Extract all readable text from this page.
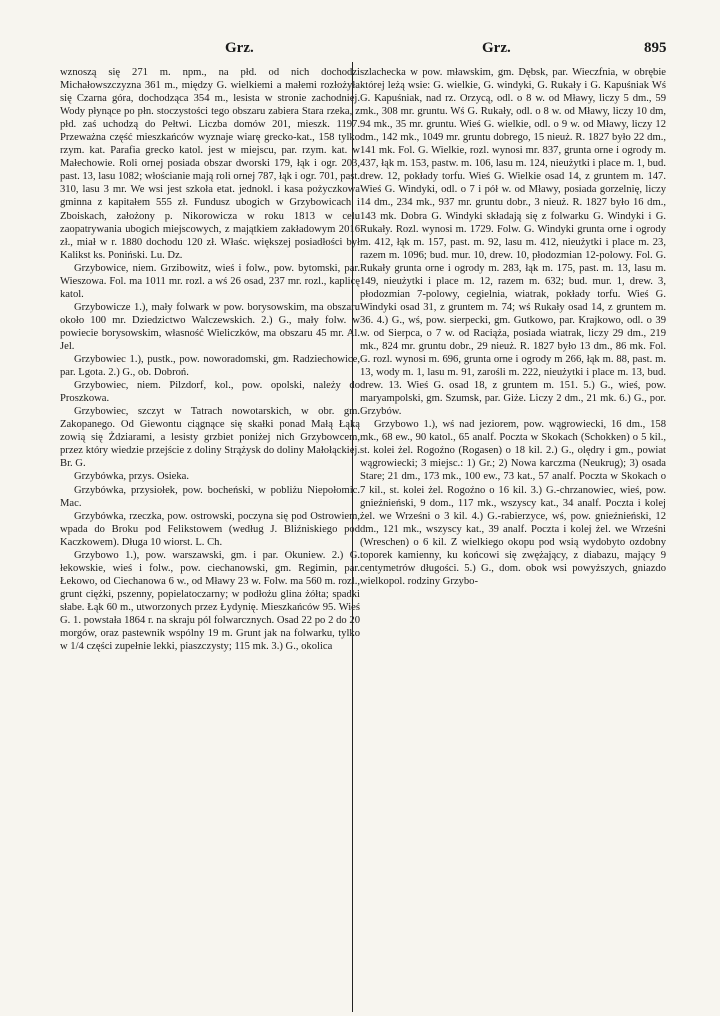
Grz.	Grz.	895

wznoszą się 271 m. npm., na płd. od nich dochodzi Michałowszczyzna 361 m., między G. wielkiemi a małemi rozłożyła się Czarna góra, dochodząca 354 m., lesista w stronie zachodniej. Wody płynące po płn. stoczystości tego obszaru zabiera Stara rzeka, z płd. zaś uchodzą do Pełtwi. Liczba domów 201, mieszk. 1197. Przeważna część mieszkańców wyznaje wiarę grecko-kat., 158 tylko rzym. kat. Parafia grecko katol. jest w miejscu, par. rzym. kat. w Małechowie. Roli ornej posiada obszar dworski 179, łąk i ogr. 203, past. 13, lasu 1082; włościanie mają roli ornej 787, łąk i ogr. 701, past. 310, lasu 3 mr. We wsi jest szkoła etat. jednokl. i kasa pożyczkowa gminna z kapitałem 555 zł. Fundusz ubogich w Grzybowicach i Zboiskach, założony p. Nikorowicza w roku 1813 w celu zaopatrywania ubogich miejscowych, z majątkiem zakładowym 2016 zł., miał w r. 1880 dochodu 120 zł. Właśc. większej posiadłości był Kalikst ks. Poniński. Lu. Dz.

Grzybowice, niem. Grzibowitz, wieś i folw., pow. bytomski, par. Wieszowa. Fol. ma 1011 mr. rozl. a wś 26 osad, 237 mr. rozl., kaplicę katol.

Grzybowicze 1.), mały folwark w pow. borysowskim, ma obszaru około 100 mr. Dziedzictwo Walczewskich. 2.) G., mały folw. w powiecie borysowskim, własność Wieliczków, ma obszaru 45 mr. Al. Jel.

Grzybowiec 1.), pustk., pow. noworadomski, gm. Radziechowice, par. Lgota. 2.) G., ob. Dobroń.

Grzybowiec, niem. Pilzdorf, kol., pow. opolski, należy do Proszkowa.

Grzybowiec, szczyt w Tatrach nowotarskich, w obr. gm. Zakopanego. Od Giewontu ciągnące się skałki ponad Małą Łąką zowią się Żdziarami, a lesisty grzbiet poniżej nich Grzybowcem, przez który wiedzie przejście z doliny Strążysk do doliny Małołąckiej. Br. G.

Grzybówka, przys. Osieka.

Grzybówka, przysiołek, pow. bocheński, w pobliżu Niepołomic. Mac.

Grzybówka, rzeczka, pow. ostrowski, poczyna się pod Ostrowiem, wpada do Broku pod Felikstowem (według J. Bliźniskiego pod Kaczkowem). Długa 10 wiorst. L. Ch.

Grzybowo 1.), pow. warszawski, gm. i par. Okuniew. 2.) G. łekowskie, wieś i folw., pow. ciechanowski, gm. Regimin, par. Łekowo, od Ciechanowa 6 w., od Mławy 23 w. Folw. ma 560 m. rozl., grunt ciężki, pszenny, popielatoczarny; w podłożu glina żółta; spadki słabe. Łąk 60 m., utworzonych przez Łydynię. Mieszkańców 95. Wieś G. 1. powstała 1864 r. na skraju pól folwarcznych. Osad 22 po 2 do 20 morgów, oraz pastewnik wspólny 19 m. Grunt jak na folwarku, tylko w 1/4 części zupełnie lekki, piaszczysty; 115 mk. 3.) G., okolica

szlachecka w pow. mławskim, gm. Dębsk, par. Wieczfnia, w obrębie której leżą wsie: G. wielkie, G. windyki, G. Rukały i G. Kapuśniak Wś G. Kapuśniak, nad rz. Orzycą, odl. o 8 w. od Mławy, liczy 5 dm., 59 mk., 308 mr. gruntu. Wś G. Rukały, odl. o 8 w. od Mławy, liczy 10 dm, 94 mk., 35 mr. gruntu. Wieś G. wielkie, odl. o 9 w. od Mławy, liczy 12 dm., 142 mk., 1049 mr. gruntu dobrego, 15 nieuż. R. 1827 było 22 dm., 141 mk. Fol. G. Wielkie, rozl. wynosi mr. 837, grunta orne i ogrody m. 437, łąk m. 153, pastw. m. 106, lasu m. 124, nieużytki i place m. 1, bud. drew. 12, pokłady torfu. Wieś G. Wielkie osad 14, z gruntem m. 147. Wieś G. Windyki, odl. o 7 i pół w. od Mławy, posiada gorzelnię, liczy 14 dm., 234 mk., 937 mr. gruntu dobr., 3 nieuż. R. 1827 było 16 dm., 143 mk. Dobra G. Windyki składają się z folwarku G. Windyki i G. Rukały. Rozl. wynosi m. 1729. Folw. G. Windyki grunta orne i ogrody m. 412, łąk m. 157, past. m. 92, lasu m. 412, nieużytki i place m. 23, razem m. 1096; bud. mur. 10, drew. 10, płodozmian 12-polowy. Fol. G. Rukały grunta orne i ogrody m. 283, łąk m. 175, past. m. 13, lasu m. 149, nieużytki i place m. 12, razem m. 632; bud. mur. 1, drew. 3, płodozmian 7-polowy, cegielnia, wiatrak, pokłady torfu. Wieś G. Windyki osad 31, z gruntem m. 74; wś Rukały osad 14, z gruntem m. 36. 4.) G., wś, pow. sierpecki, gm. Gutkowo, par. Krajkowo, odl. o 39 w. od Sierpca, o 7 w. od Raciąża, posiada wiatrak, liczy 29 dm., 219 mk., 824 mr. gruntu dobr., 29 nieuż. R. 1827 było 13 dm., 86 mk. Fol. G. rozl. wynosi m. 696, grunta orne i ogrody m 266, łąk m. 88, past. m. 13, wody m. 1, lasu m. 91, zarośli m. 222, nieużytki i place m. 13, bud. drew. 13. Wieś G. osad 18, z gruntem m. 151. 5.) G., wieś, pow. maryampolski, gm. Szumsk, par. Giże. Liczy 2 dm., 21 mk. 6.) G., por. Grzybów.

Grzybowo 1.), wś nad jeziorem, pow. wągrowiecki, 16 dm., 158 mk., 68 ew., 90 katol., 65 analf. Poczta w Skokach (Schokken) o 5 kil., st. kolei żel. Rogoźno (Rogasen) o 18 kil. 2.) G., olędry i gm., powiat wągrowiecki; 3 miejsc.: 1) Gr.; 2) Nowa karczma (Neukrug); 3) osada Stare; 21 dm., 173 mk., 100 ew., 73 kat., 57 analf. Poczta w Skokach o 7 kil., st. kolei żel. Rogoźno o 16 kil. 3.) G.-chrzanowiec, wieś, pow. gnieźnieński, 9 dom., 117 mk., wszyscy kat., 34 analf. Poczta i kolej żel. we Wrześni o 3 kil. 4.) G.-rabierzyce, wś, pow. gnieźnieński, 12 dm., 121 mk., wszyscy kat., 39 analf. Poczta i kolej żel. we Wrześni (Wreschen) o 6 kil. Z wielkiego okopu pod wsią wydobyto ozdobny toporek kamienny, ku końcowi się zwężający, z diabazu, mający 9 centymetrów długości. 5.) G., dom. obok wsi powyższych, gniazdo wielkopol. rodziny Grzybo-
